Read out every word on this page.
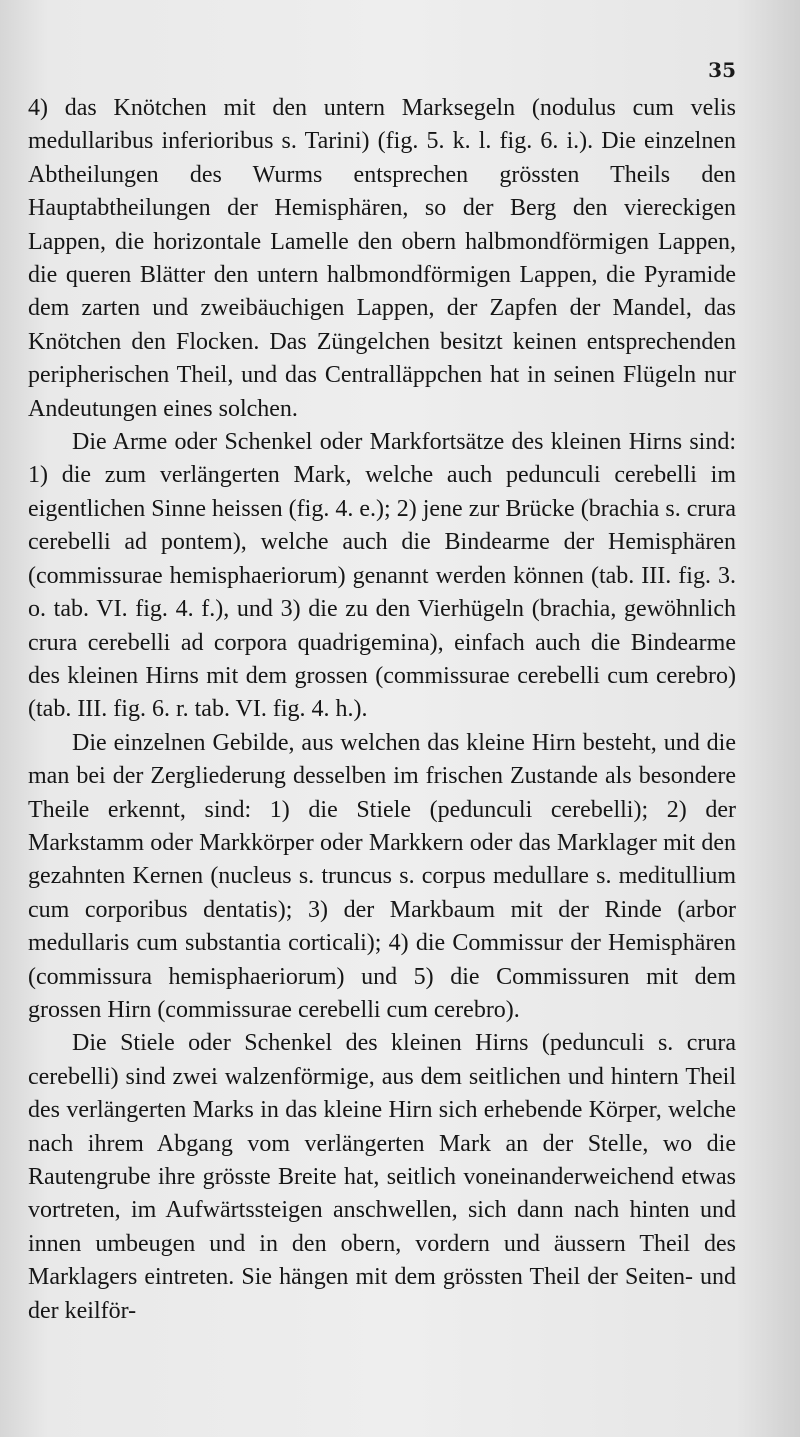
35

4) das Knötchen mit den untern Marksegeln (nodulus cum velis medullaribus inferioribus s. Tarini) (fig. 5. k. l. fig. 6. i.). Die einzelnen Abtheilungen des Wurms entsprechen grössten Theils den Hauptabtheilungen der Hemisphären, so der Berg den viereckigen Lappen, die horizontale Lamelle den obern halbmondförmigen Lappen, die queren Blätter den untern halbmondförmigen Lappen, die Pyramide dem zarten und zweibäuchigen Lappen, der Zapfen der Mandel, das Knötchen den Flocken. Das Züngelchen besitzt keinen entsprechenden peripherischen Theil, und das Centralläppchen hat in seinen Flügeln nur Andeutungen eines solchen.

Die Arme oder Schenkel oder Markfortsätze des kleinen Hirns sind: 1) die zum verlängerten Mark, welche auch pedunculi cerebelli im eigentlichen Sinne heissen (fig. 4. e.); 2) jene zur Brücke (brachia s. crura cerebelli ad pontem), welche auch die Bindearme der Hemisphären (commissurae hemisphaeriorum) genannt werden können (tab. III. fig. 3. o. tab. VI. fig. 4. f.), und 3) die zu den Vierhügeln (brachia, gewöhnlich crura cerebelli ad corpora quadrigemina), einfach auch die Bindearme des kleinen Hirns mit dem grossen (commissurae cerebelli cum cerebro) (tab. III. fig. 6. r. tab. VI. fig. 4. h.).

Die einzelnen Gebilde, aus welchen das kleine Hirn besteht, und die man bei der Zergliederung desselben im frischen Zustande als besondere Theile erkennt, sind: 1) die Stiele (pedunculi cerebelli); 2) der Markstamm oder Markkörper oder Markkern oder das Marklager mit den gezahnten Kernen (nucleus s. truncus s. corpus medullare s. meditullium cum corporibus dentatis); 3) der Markbaum mit der Rinde (arbor medullaris cum substantia corticali); 4) die Commissur der Hemisphären (commissura hemisphaeriorum) und 5) die Commissuren mit dem grossen Hirn (commissurae cerebelli cum cerebro).

Die Stiele oder Schenkel des kleinen Hirns (pedunculi s. crura cerebelli) sind zwei walzenförmige, aus dem seitlichen und hintern Theil des verlängerten Marks in das kleine Hirn sich erhebende Körper, welche nach ihrem Abgang vom verlängerten Mark an der Stelle, wo die Rautengrube ihre grösste Breite hat, seitlich voneinanderweichend etwas vortreten, im Aufwärtssteigen anschwellen, sich dann nach hinten und innen umbeugen und in den obern, vordern und äussern Theil des Marklagers eintreten. Sie hängen mit dem grössten Theil der Seiten- und der keilför-
